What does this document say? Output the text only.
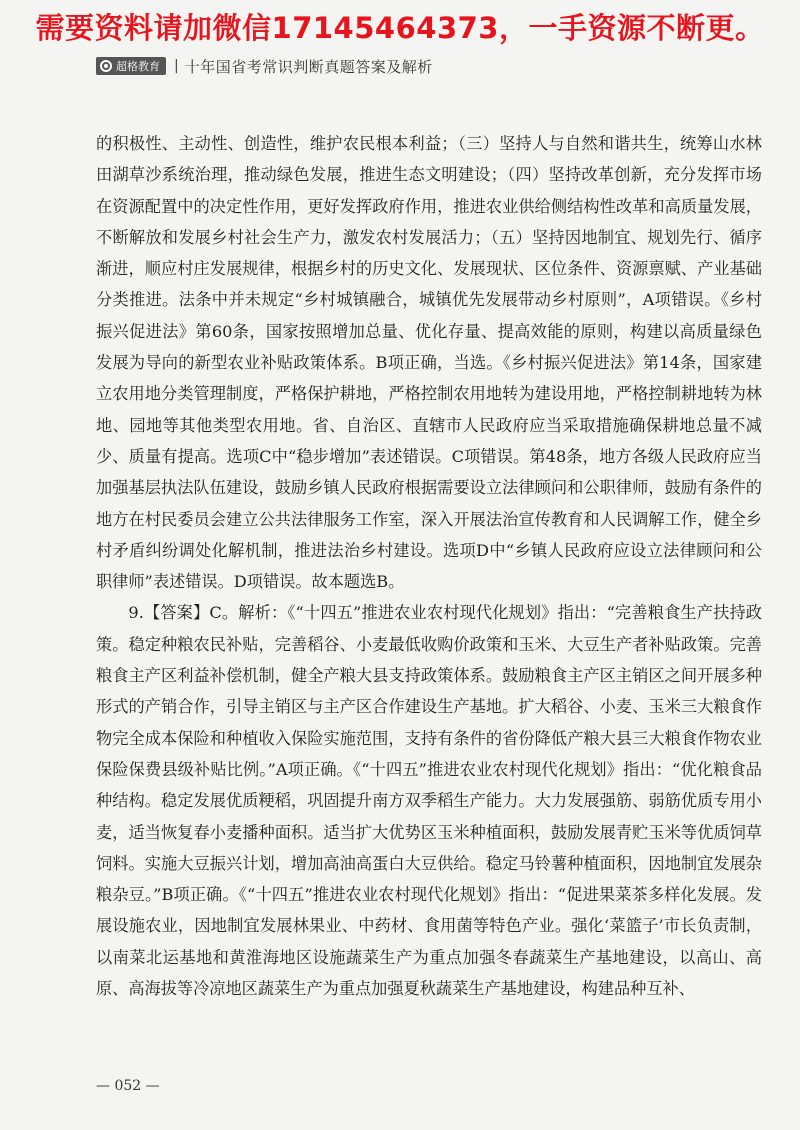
需要资料请加微信17145464373，一手资源不断更。
超格教育 | 十年国省考常识判断真题答案及解析

的积极性、主动性、创造性，维护农民根本利益；（三）坚持人与自然和谐共生，统筹山水林田湖草沙系统治理，推动绿色发展，推进生态文明建设；（四）坚持改革创新，充分发挥市场在资源配置中的决定性作用，更好发挥政府作用，推进农业供给侧结构性改革和高质量发展，不断解放和发展乡村社会生产力，激发农村发展活力；（五）坚持因地制宜、规划先行、循序渐进，顺应村庄发展规律，根据乡村的历史文化、发展现状、区位条件、资源禀赋、产业基础分类推进。法条中并未规定“乡村城镇融合，城镇优先发展带动乡村原则”，A项错误。《乡村振兴促进法》第60条，国家按照增加总量、优化存量、提高效能的原则，构建以高质量绿色发展为导向的新型农业补贴政策体系。B项正确，当选。《乡村振兴促进法》第14条，国家建立农用地分类管理制度，严格保护耕地，严格控制农用地转为建设用地，严格控制耕地转为林地、园地等其他类型农用地。省、自治区、直辖市人民政府应当采取措施确保耕地总量不减少、质量有提高。选项C中“稳步增加”表述错误。C项错误。第48条，地方各级人民政府应当加强基层执法队伍建设，鼓励乡镇人民政府根据需要设立法律顾问和公职律师，鼓励有条件的地方在村民委员会建立公共法律服务工作室，深入开展法治宣传教育和人民调解工作，健全乡村矛盾纠纷调处化解机制，推进法治乡村建设。选项D中“乡镇人民政府应设立法律顾问和公职律师”表述错误。D项错误。故本题选B。

9.【答案】C。解析：《“十四五”推进农业农村现代化规划》指出：“完善粮食生产扶持政策。稳定种粮农民补贴，完善稻谷、小麦最低收购价政策和玉米、大豆生产者补贴政策。完善粮食主产区利益补偿机制，健全产粮大县支持政策体系。鼓励粮食主产区主销区之间开展多种形式的产销合作，引导主销区与主产区合作建设生产基地。扩大稻谷、小麦、玉米三大粮食作物完全成本保险和种植收入保险实施范围，支持有条件的省份降低产粮大县三大粮食作物农业保险保费县级补贴比例。”A项正确。《“十四五”推进农业农村现代化规划》指出：“优化粮食品种结构。稳定发展优质粳稻，巩固提升南方双季稻生产能力。大力发展强筋、弱筋优质专用小麦，适当恢复春小麦播种面积。适当扩大优势区玉米种植面积，鼓励发展青贮玉米等优质饲草饲料。实施大豆振兴计划，增加高油高蛋白大豆供给。稳定马铃薯种植面积，因地制宜发展杂粮杂豆。”B项正确。《“十四五”推进农业农村现代化规划》指出：“促进果菜茶多样化发展。发展设施农业，因地制宜发展林果业、中药材、食用菌等特色产业。强化‘菜篮子’市长负责制，以南菜北运基地和黄淮海地区设施蔬菜生产为重点加强冬春蔬菜生产基地建设，以高山、高原、高海拔等冷凉地区蔬菜生产为重点加强夏秋蔬菜生产基地建设，构建品种互补、

— 052 —
